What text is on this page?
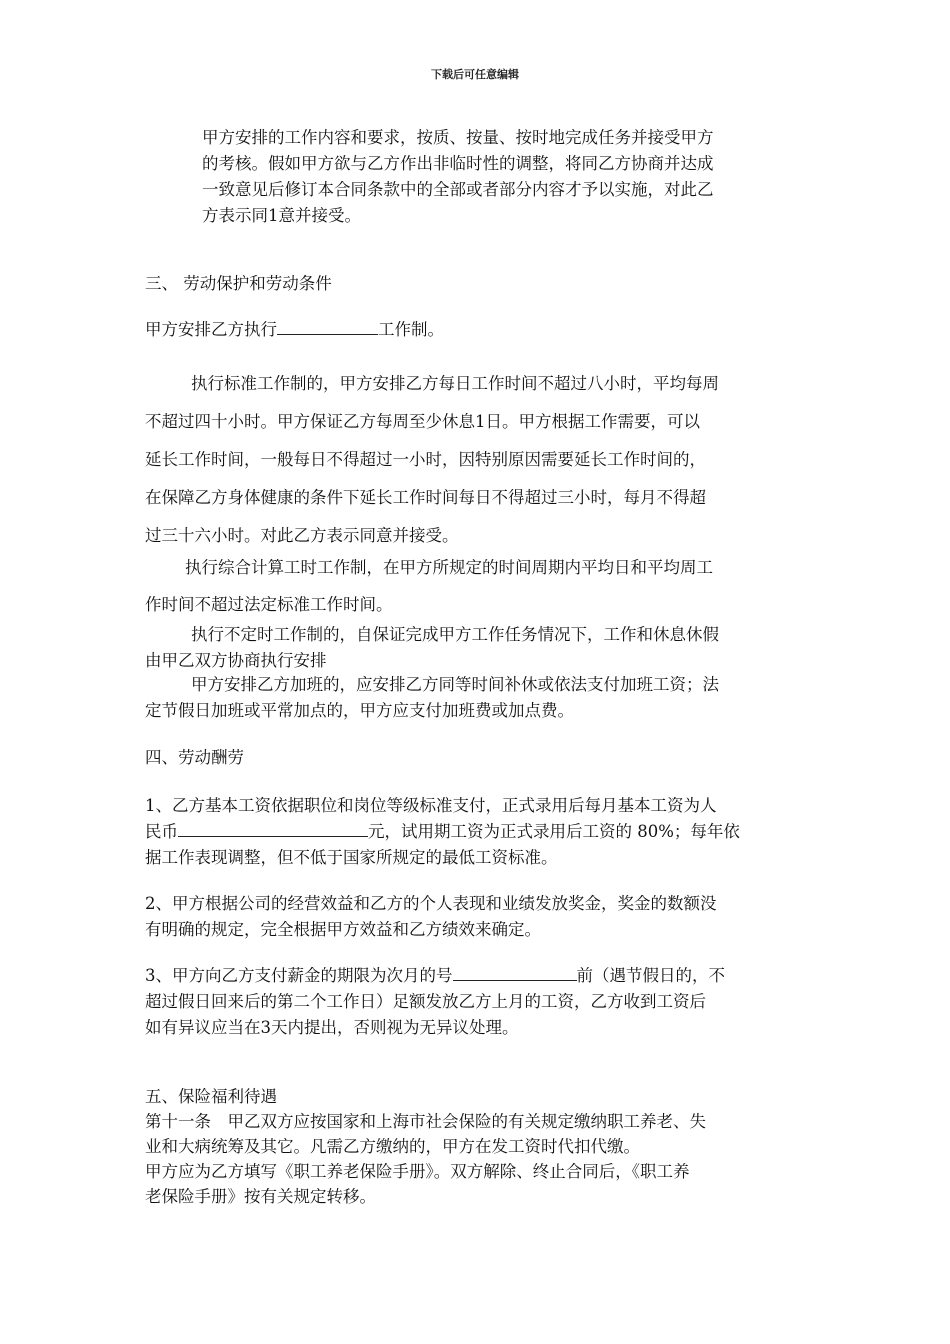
下载后可任意编辑
甲方安排的工作内容和要求，按质、按量、按时地完成任务并接受甲方
的考核。假如甲方欲与乙方作出非临时性的调整，将同乙方协商并达成
一致意见后修订本合同条款中的全部或者部分内容才予以实施，对此乙
方表示同1意并接受。
三、 劳动保护和劳动条件
甲方安排乙方执行	工作制。
执行标准工作制的，甲方安排乙方每日工作时间不超过八小时，平均每周
不超过四十小时。甲方保证乙方每周至少休息1日。甲方根据工作需要，可以
延长工作时间，一般每日不得超过一小时，因特别原因需要延长工作时间的，
在保障乙方身体健康的条件下延长工作时间每日不得超过三小时，每月不得超
过三十六小时。对此乙方表示同意并接受。
执行综合计算工时工作制，在甲方所规定的时间周期内平均日和平均周工
作时间不超过法定标准工作时间。
执行不定时工作制的，自保证完成甲方工作任务情况下，工作和休息休假
由甲乙双方协商执行安排
甲方安排乙方加班的，应安排乙方同等时间补休或依法支付加班工资；法
定节假日加班或平常加点的，甲方应支付加班费或加点费。
四、劳动酬劳
1、乙方基本工资依据职位和岗位等级标准支付，正式录用后每月基本工资为人
民币	元，试用期工资为正式录用后工资的 80%；每年依
据工作表现调整，但不低于国家所规定的最低工资标准。
2、甲方根据公司的经营效益和乙方的个人表现和业绩发放奖金，奖金的数额没
有明确的规定，完全根据甲方效益和乙方绩效来确定。
3、甲方向乙方支付薪金的期限为次月的号	前（遇节假日的，不
超过假日回来后的第二个工作日）足额发放乙方上月的工资，乙方收到工资后
如有异议应当在3天内提出，否则视为无异议处理。
五、保险福利待遇
第十一条　甲乙双方应按国家和上海市社会保险的有关规定缴纳职工养老、失
业和大病统筹及其它。凡需乙方缴纳的，甲方在发工资时代扣代缴。
甲方应为乙方填写《职工养老保险手册》。双方解除、终止合同后，《职工养
老保险手册》按有关规定转移。
